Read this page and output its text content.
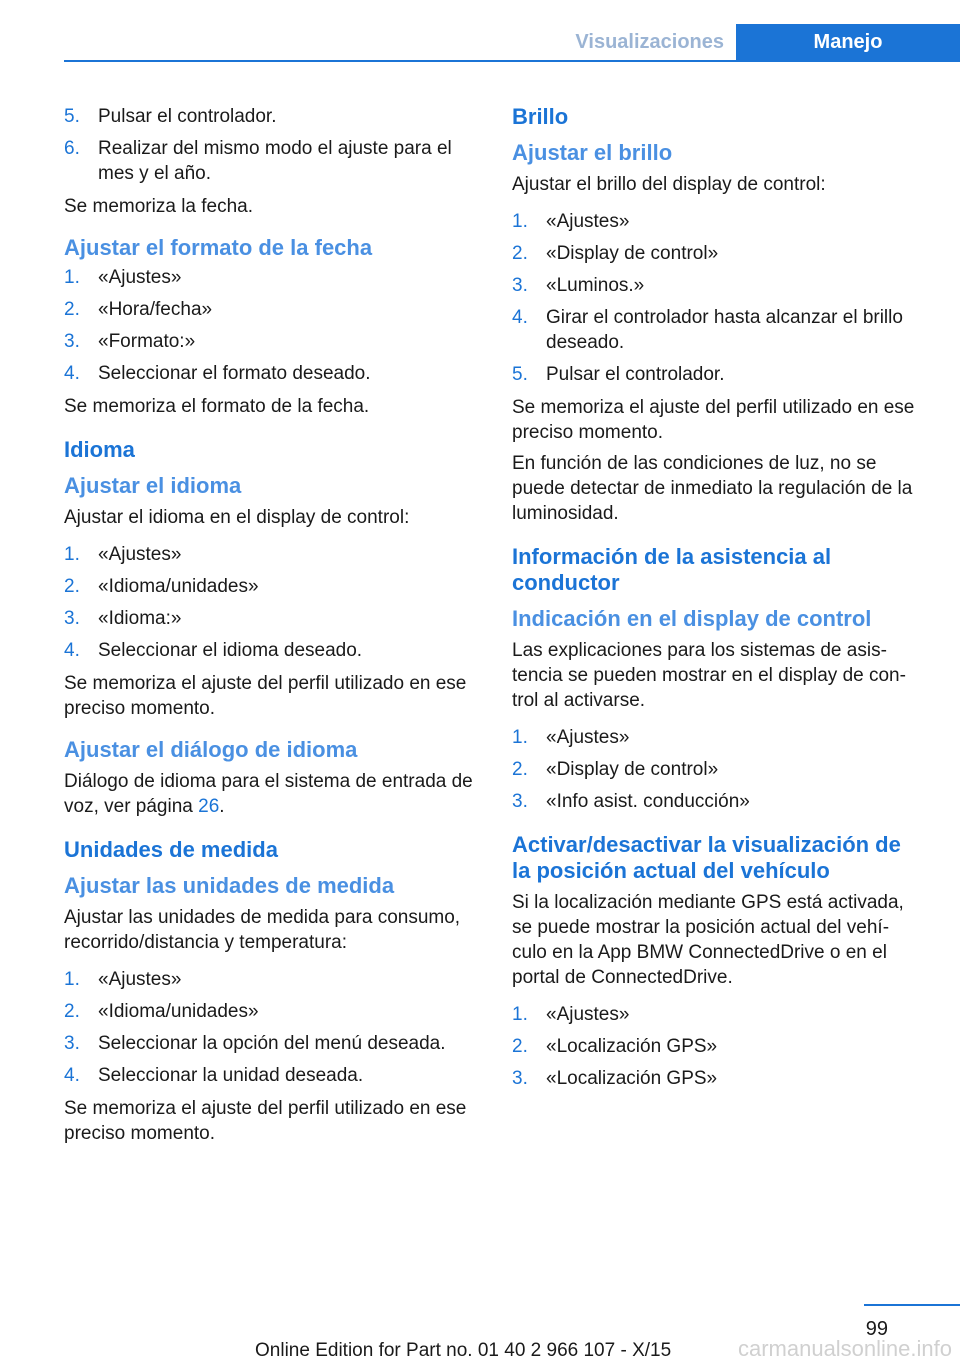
Visualizaciones	Manejo
5. Pulsar el controlador.
6. Realizar del mismo modo el ajuste para el mes y el año.

Se memoriza la fecha.

Ajustar el formato de la fecha
1. «Ajustes»
2. «Hora/fecha»
3. «Formato:»
4. Seleccionar el formato deseado.

Se memoriza el formato de la fecha.

Idioma
Ajustar el idioma

Ajustar el idioma en el display de control:

1. «Ajustes»
2. «Idioma/unidades»
3. «Idioma:»
4. Seleccionar el idioma deseado.

Se memoriza el ajuste del perfil utilizado en ese preciso momento.

Ajustar el diálogo de idioma

Diálogo de idioma para el sistema de entrada de voz, ver página 26.

Unidades de medida
Ajustar las unidades de medida

Ajustar las unidades de medida para consumo, recorrido/distancia y temperatura:

1. «Ajustes»
2. «Idioma/unidades»
3. Seleccionar la opción del menú deseada.
4. Seleccionar la unidad deseada.

Se memoriza el ajuste del perfil utilizado en ese preciso momento.

Brillo
Ajustar el brillo

Ajustar el brillo del display de control:

1. «Ajustes»
2. «Display de control»
3. «Luminos.»
4. Girar el controlador hasta alcanzar el brillo deseado.
5. Pulsar el controlador.

Se memoriza el ajuste del perfil utilizado en ese preciso momento.

En función de las condiciones de luz, no se puede detectar de inmediato la regulación de la luminosidad.

Información de la asistencia al conductor
Indicación en el display de control

Las explicaciones para los sistemas de asis- tencia se pueden mostrar en el display de con- trol al activarse.

1. «Ajustes»
2. «Display de control»
3. «Info asist. conducción»
Activar/desactivar la visualización de la posición actual del vehículo

Si la localización mediante GPS está activada, se puede mostrar la posición actual del vehí- culo en la App BMW ConnectedDrive o en el portal de ConnectedDrive.

1. «Ajustes»
2. «Localización GPS»
3. «Localización GPS»
99
Online Edition for Part no. 01 40 2 966 107 - X/15	carmanualsonline.info
